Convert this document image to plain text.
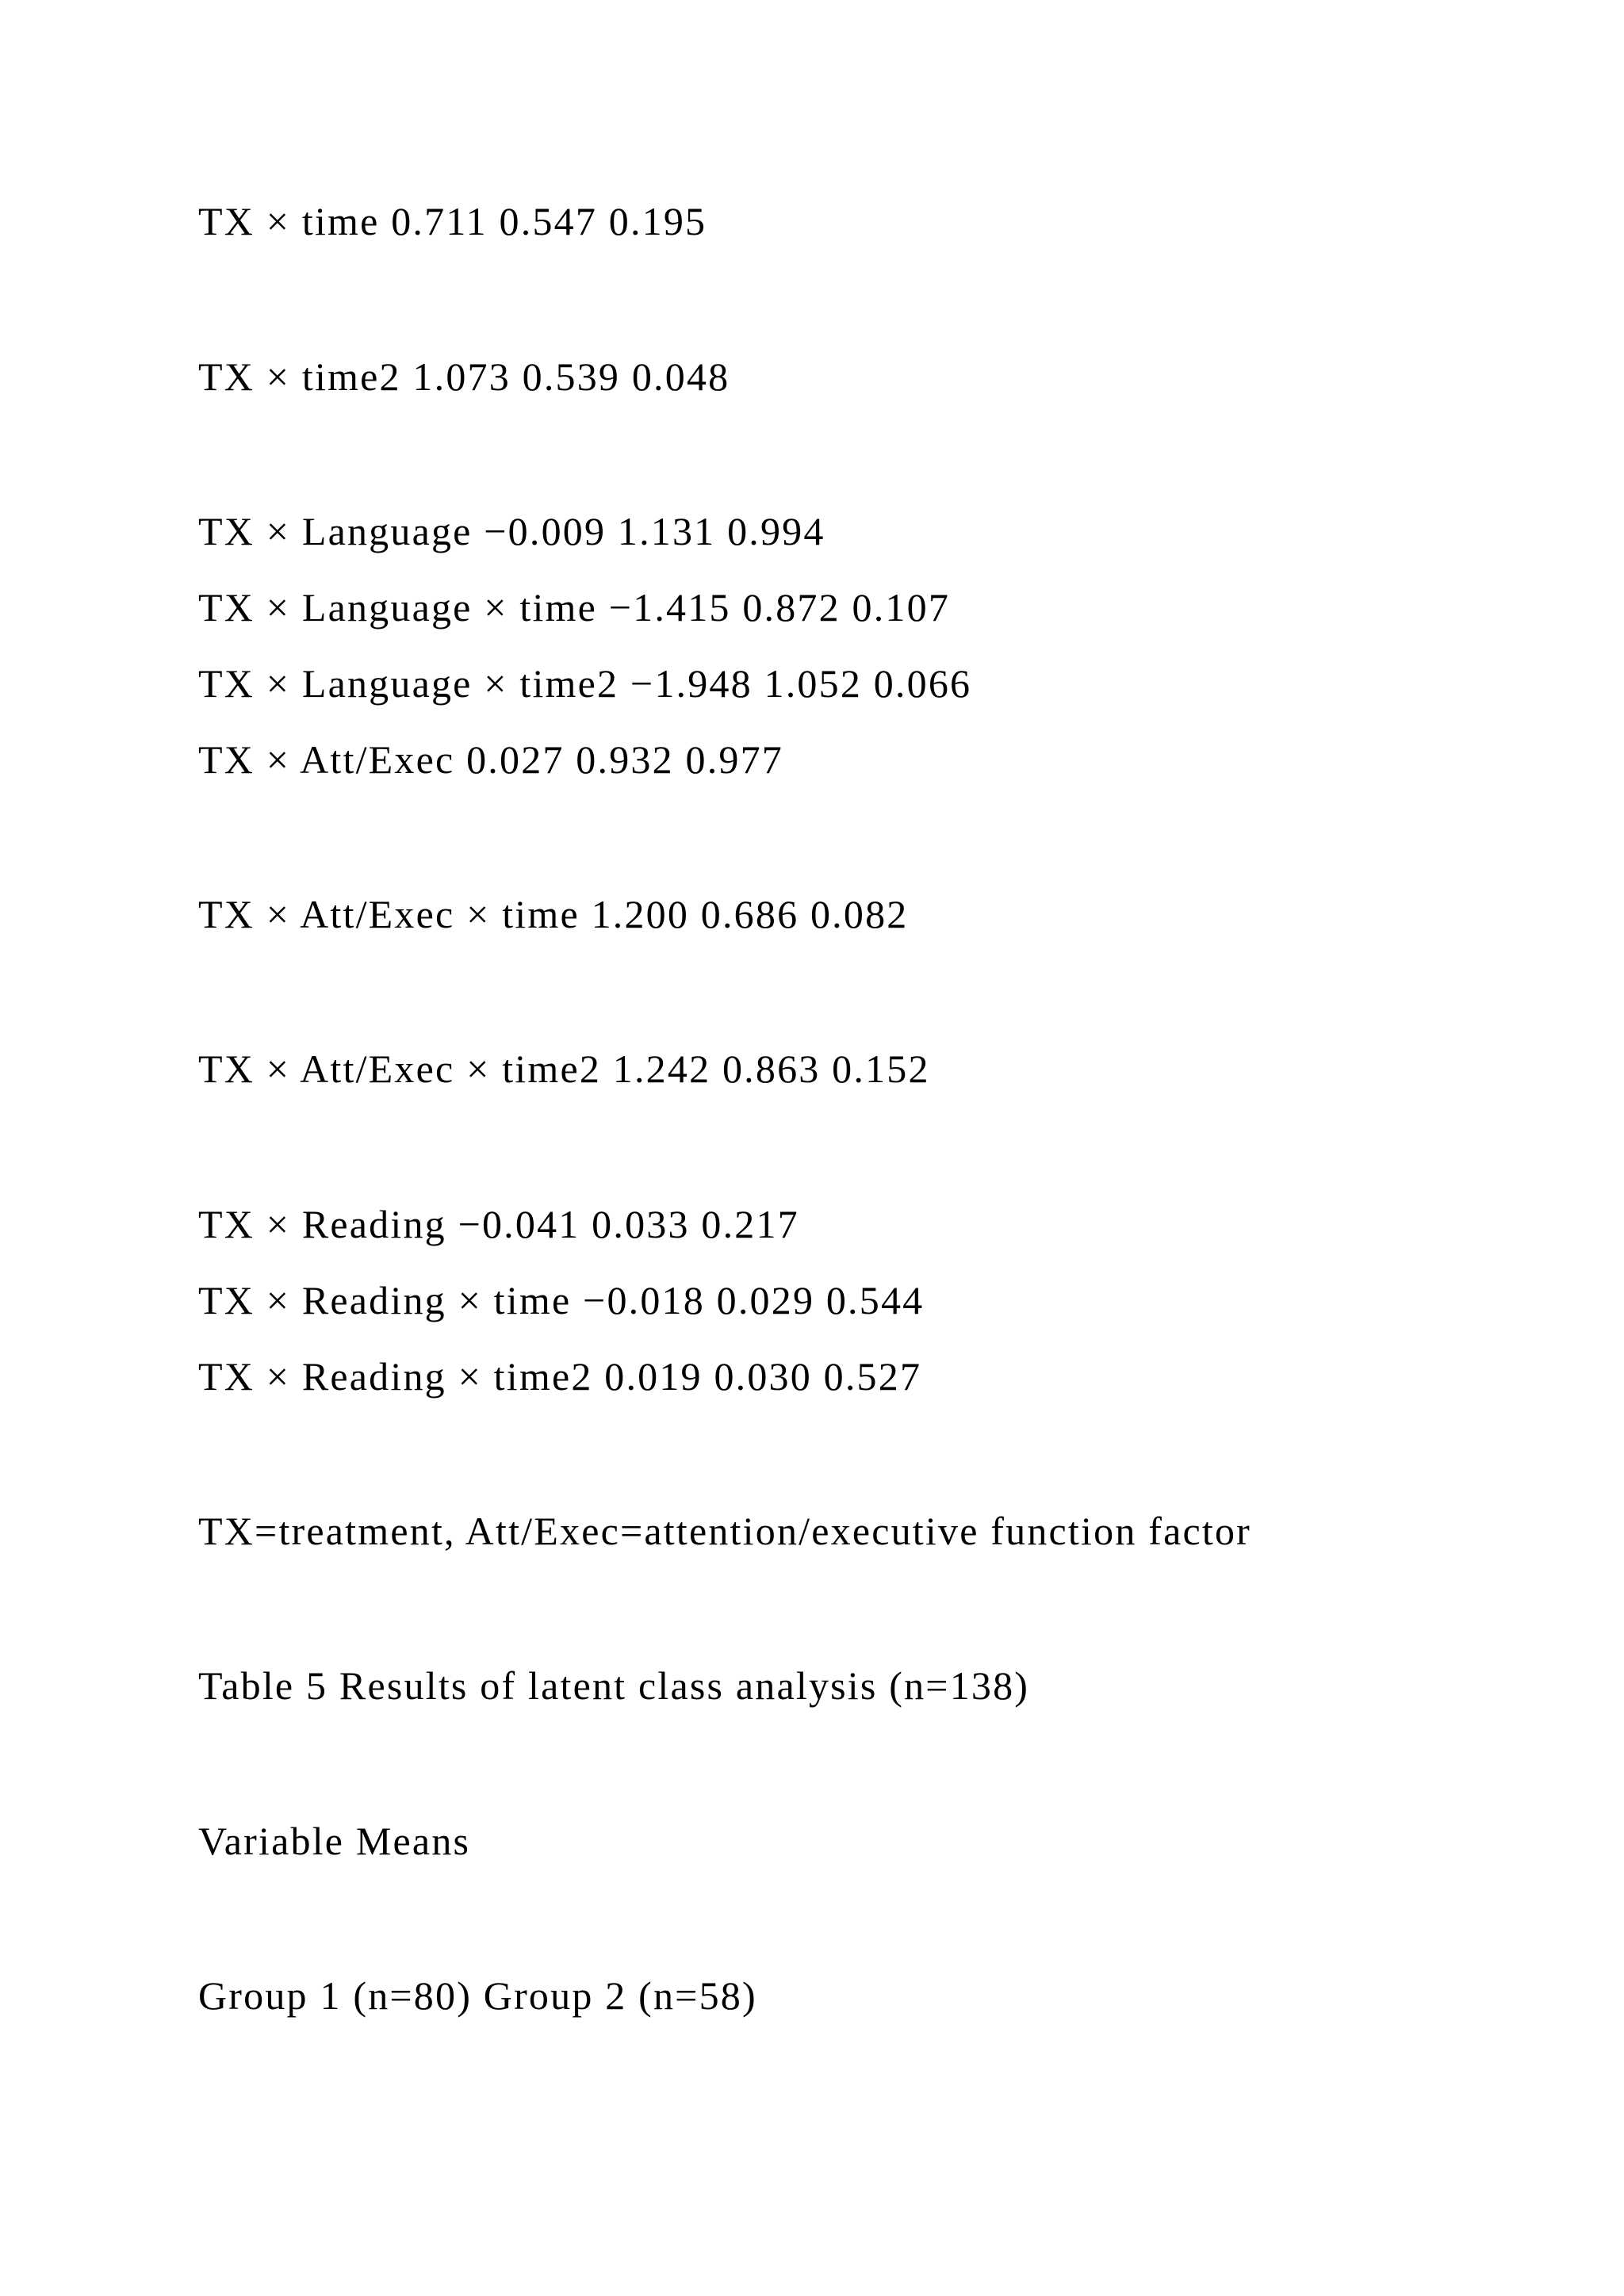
TX × time 0.711 0.547 0.195
TX × time2 1.073 0.539 0.048
TX × Language −0.009 1.131 0.994
TX × Language × time −1.415 0.872 0.107
TX × Language × time2 −1.948 1.052 0.066
TX × Att/Exec 0.027 0.932 0.977
TX × Att/Exec × time 1.200 0.686 0.082
TX × Att/Exec × time2 1.242 0.863 0.152
TX × Reading −0.041 0.033 0.217
TX × Reading × time −0.018 0.029 0.544
TX × Reading × time2 0.019 0.030 0.527
TX=treatment, Att/Exec=attention/executive function factor
Table 5 Results of latent class analysis (n=138)
Variable Means
Group 1 (n=80) Group 2 (n=58)
